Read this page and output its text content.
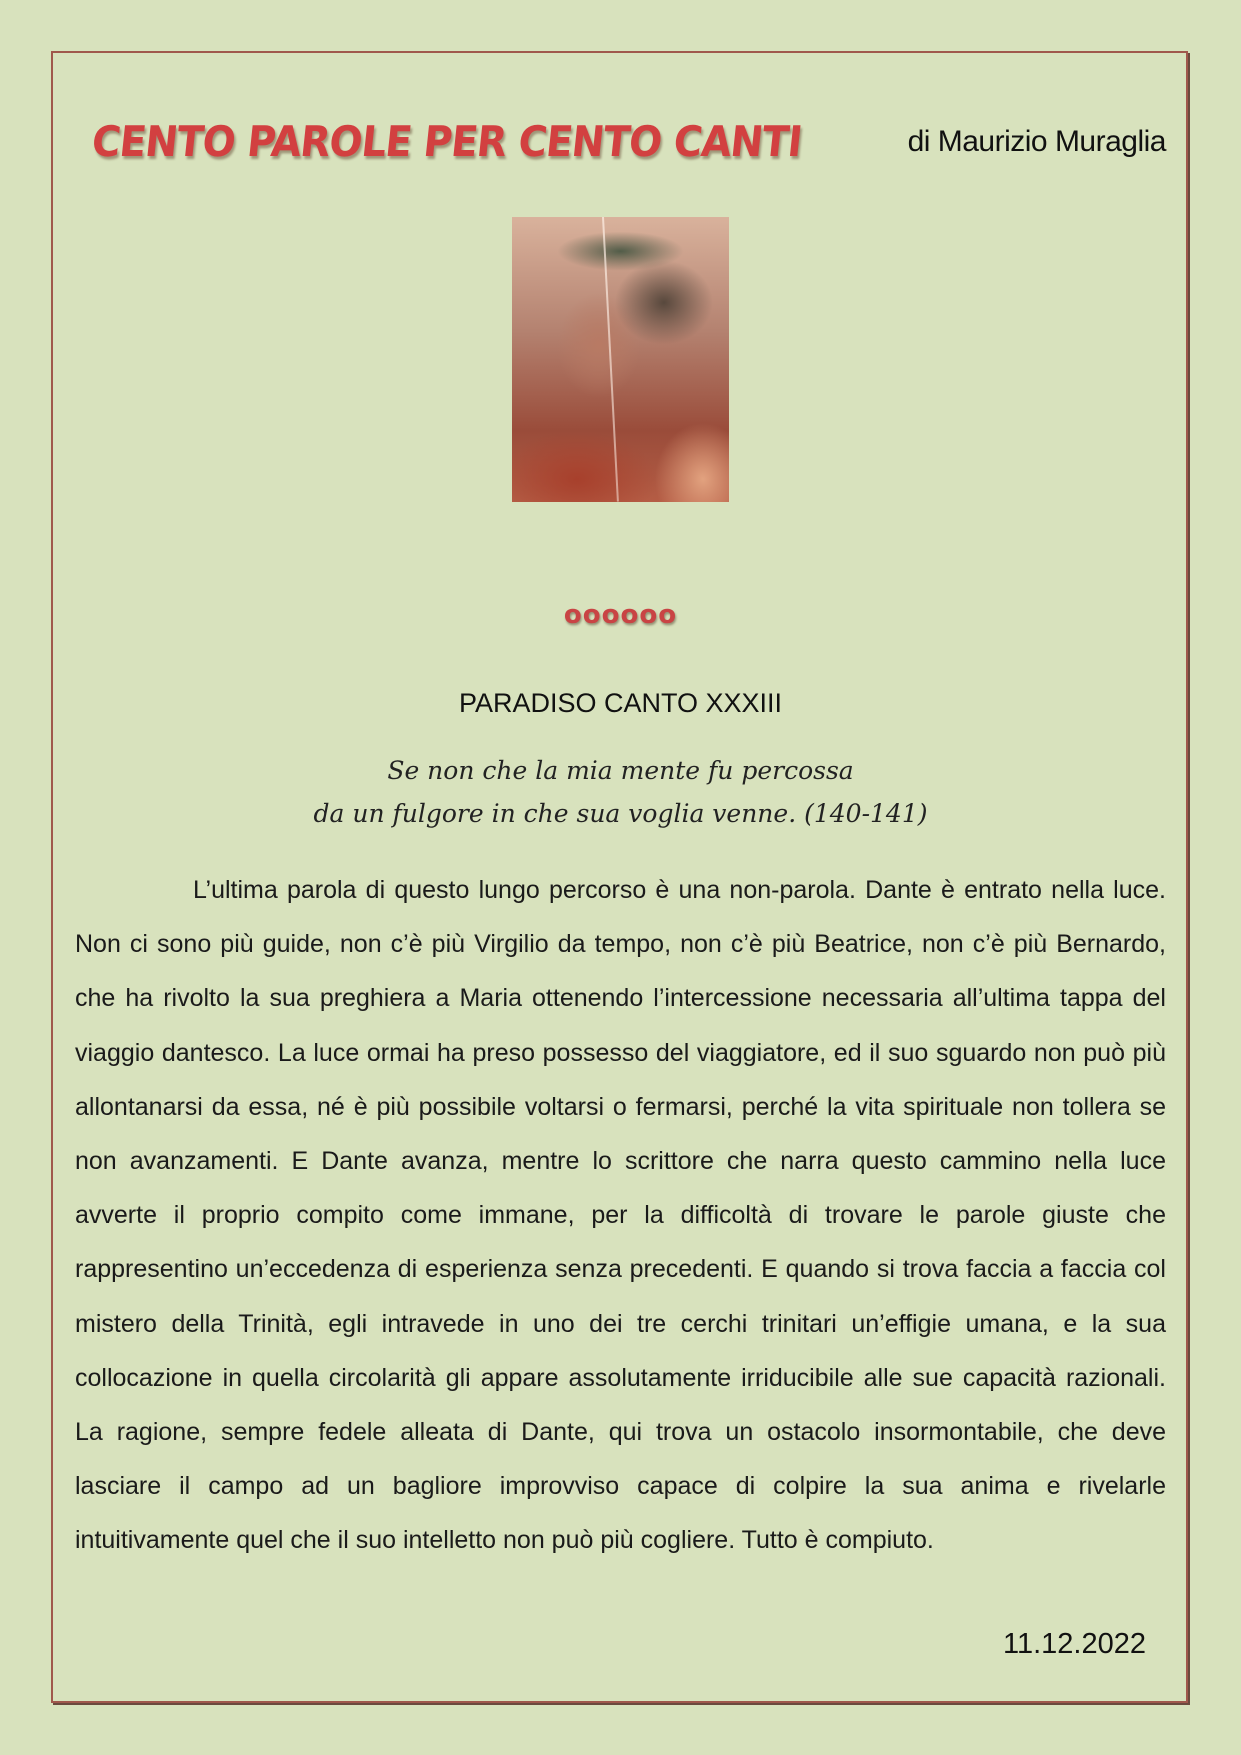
CENTO PAROLE PER CENTO CANTI	di Maurizio Muraglia
oooooo
PARADISO CANTO XXXIII
Se non che la mia mente fu percossa
da un fulgore in che sua voglia venne. (140-141)

L’ultima parola di questo lungo percorso è una non-parola. Dante è entrato nella luce. Non ci sono più guide, non c’è più Virgilio da tempo, non c’è più Beatrice, non c’è più Bernardo, che ha rivolto la sua preghiera a Maria ottenendo l’intercessione necessaria all’ultima tappa del viaggio dantesco. La luce ormai ha preso possesso del viaggiatore, ed il suo sguardo non può più allontanarsi da essa, né è più possibile voltarsi o fermarsi, perché la vita spirituale non tollera se non avanzamenti. E Dante avanza, mentre lo scrittore che narra questo cammino nella luce avverte il proprio compito come immane, per la difficoltà di trovare le parole giuste che rappresentino un’eccedenza di esperienza senza precedenti. E quando si trova faccia a faccia col mistero della Trinità, egli intravede in uno dei tre cerchi trinitari un’effigie umana, e la sua collocazione in quella circolarità gli appare assolutamente irriducibile alle sue capacità razionali. La ragione, sempre fedele alleata di Dante, qui trova un ostacolo insormontabile, che deve lasciare il campo ad un bagliore improvviso capace di colpire la sua anima e rivelarle intuitivamente quel che il suo intelletto non può più cogliere. Tutto è compiuto.

11.12.2022
